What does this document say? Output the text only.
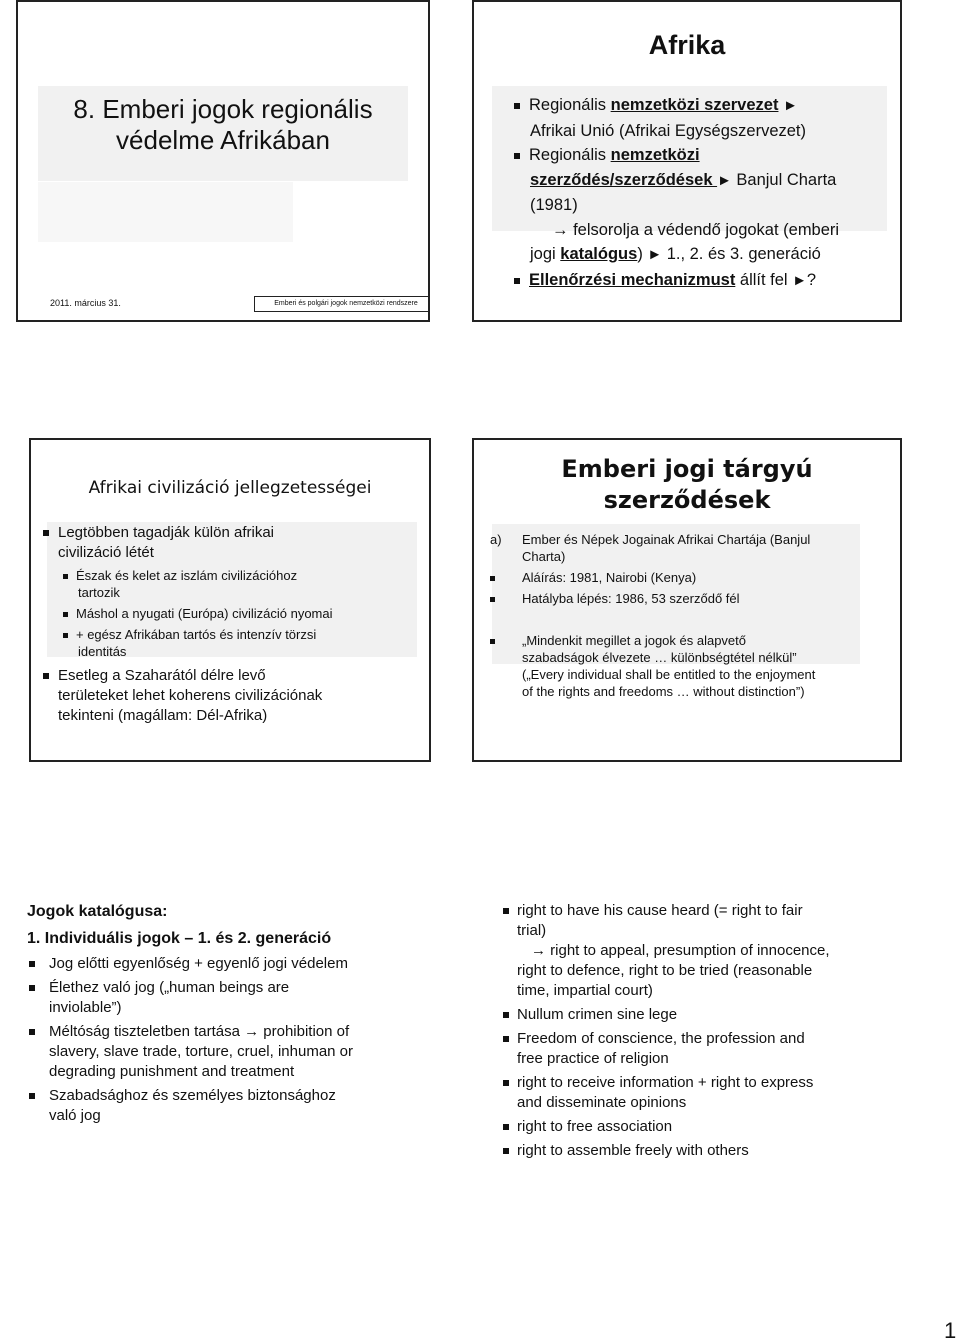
8. Emberi jogok regionális
védelme Afrikában
2011. március 31.	Emberi és polgári jogok nemzetközi rendszere
Afrika
Regionális nemzetközi szervezet ►
Afrikai Unió (Afrikai Egységszervezet)
Regionális nemzetközi
szerződés/szerződések ► Banjul Charta
(1981)
→ felsorolja a védendő jogokat (emberi
jogi katalógus) ► 1., 2. és 3. generáció
Ellenőrzési mechanizmust állít fel ►?
Afrikai civilizáció jellegzetességei
Legtöbben tagadják külön afrikai
civilizáció létét
Észak és kelet az iszlám civilizációhoz
tartozik
Máshol a nyugati (Európa) civilizáció nyomai
+ egész Afrikában tartós és intenzív törzsi
identitás
Esetleg a Szaharától délre levő
területeket lehet koherens civilizációnak
tekinteni (magállam: Dél-Afrika)
Emberi jogi tárgyú
szerződések
a)	Ember és Népek Jogainak Afrikai Chartája (Banjul
Charta)
Aláírás: 1981, Nairobi (Kenya)
Hatályba lépés: 1986, 53 szerződő fél
„Mindenkit megillet a jogok és alapvető
szabadságok élvezete … különbségtétel nélkül”
(„Every individual shall be entitled to the enjoyment
of the rights and freedoms … without distinction”)
Jogok katalógusa:
1. Individuális jogok – 1. és 2. generáció
Jog előtti egyenlőség + egyenlő jogi védelem
Élethez való jog („human beings are
inviolable”)
Méltóság tiszteletben tartása → prohibition of
slavery, slave trade, torture, cruel, inhuman or
degrading punishment and treatment
Szabadsághoz és személyes biztonsághoz
való jog
right to have his cause heard (= right to fair
trial)
→ right to appeal, presumption of innocence,
right to defence, right to be tried (reasonable
time, impartial court)
Nullum crimen sine lege
Freedom of conscience, the profession and
free practice of religion
right to receive information + right to express
and disseminate opinions
right to free association
right to assemble freely with others
1
